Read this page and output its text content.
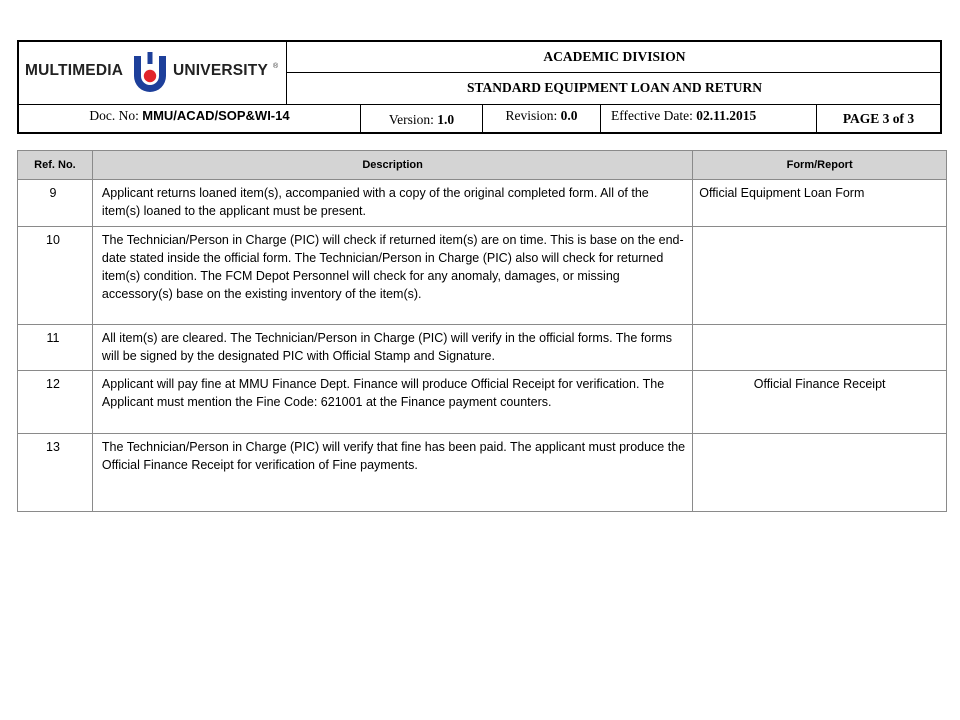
MULTIMEDIA	UNIVERSITY ®
ACADEMIC DIVISION
STANDARD EQUIPMENT LOAN AND RETURN
Doc. No: MMU/ACAD/SOP&WI-14	Version: 1.0	Revision: 0.0	Effective Date: 02.11.2015	PAGE 3 of 3
Ref. No.	Description	Form/Report
9	Applicant returns loaned item(s), accompanied with a copy of the original completed form. All of the item(s) loaned to the applicant must be present.	Official Equipment Loan Form
10	The Technician/Person in Charge (PIC) will check if returned item(s) are on time. This is base on the end-date stated inside the official form. The Technician/Person in Charge (PIC) also will check for returned item(s) condition. The FCM Depot Personnel will check for any anomaly, damages, or missing accessory(s) base on the existing inventory of the item(s).	
11	All item(s) are cleared. The Technician/Person in Charge (PIC) will verify in the official forms. The forms will be signed by the designated PIC with Official Stamp and Signature.	
12	Applicant will pay fine at MMU Finance Dept. Finance will produce Official Receipt for verification. The Applicant must mention the Fine Code: 621001 at the Finance payment counters.	Official Finance Receipt
13	The Technician/Person in Charge (PIC) will verify that fine has been paid. The applicant must produce the Official Finance Receipt for verification of Fine payments.	
